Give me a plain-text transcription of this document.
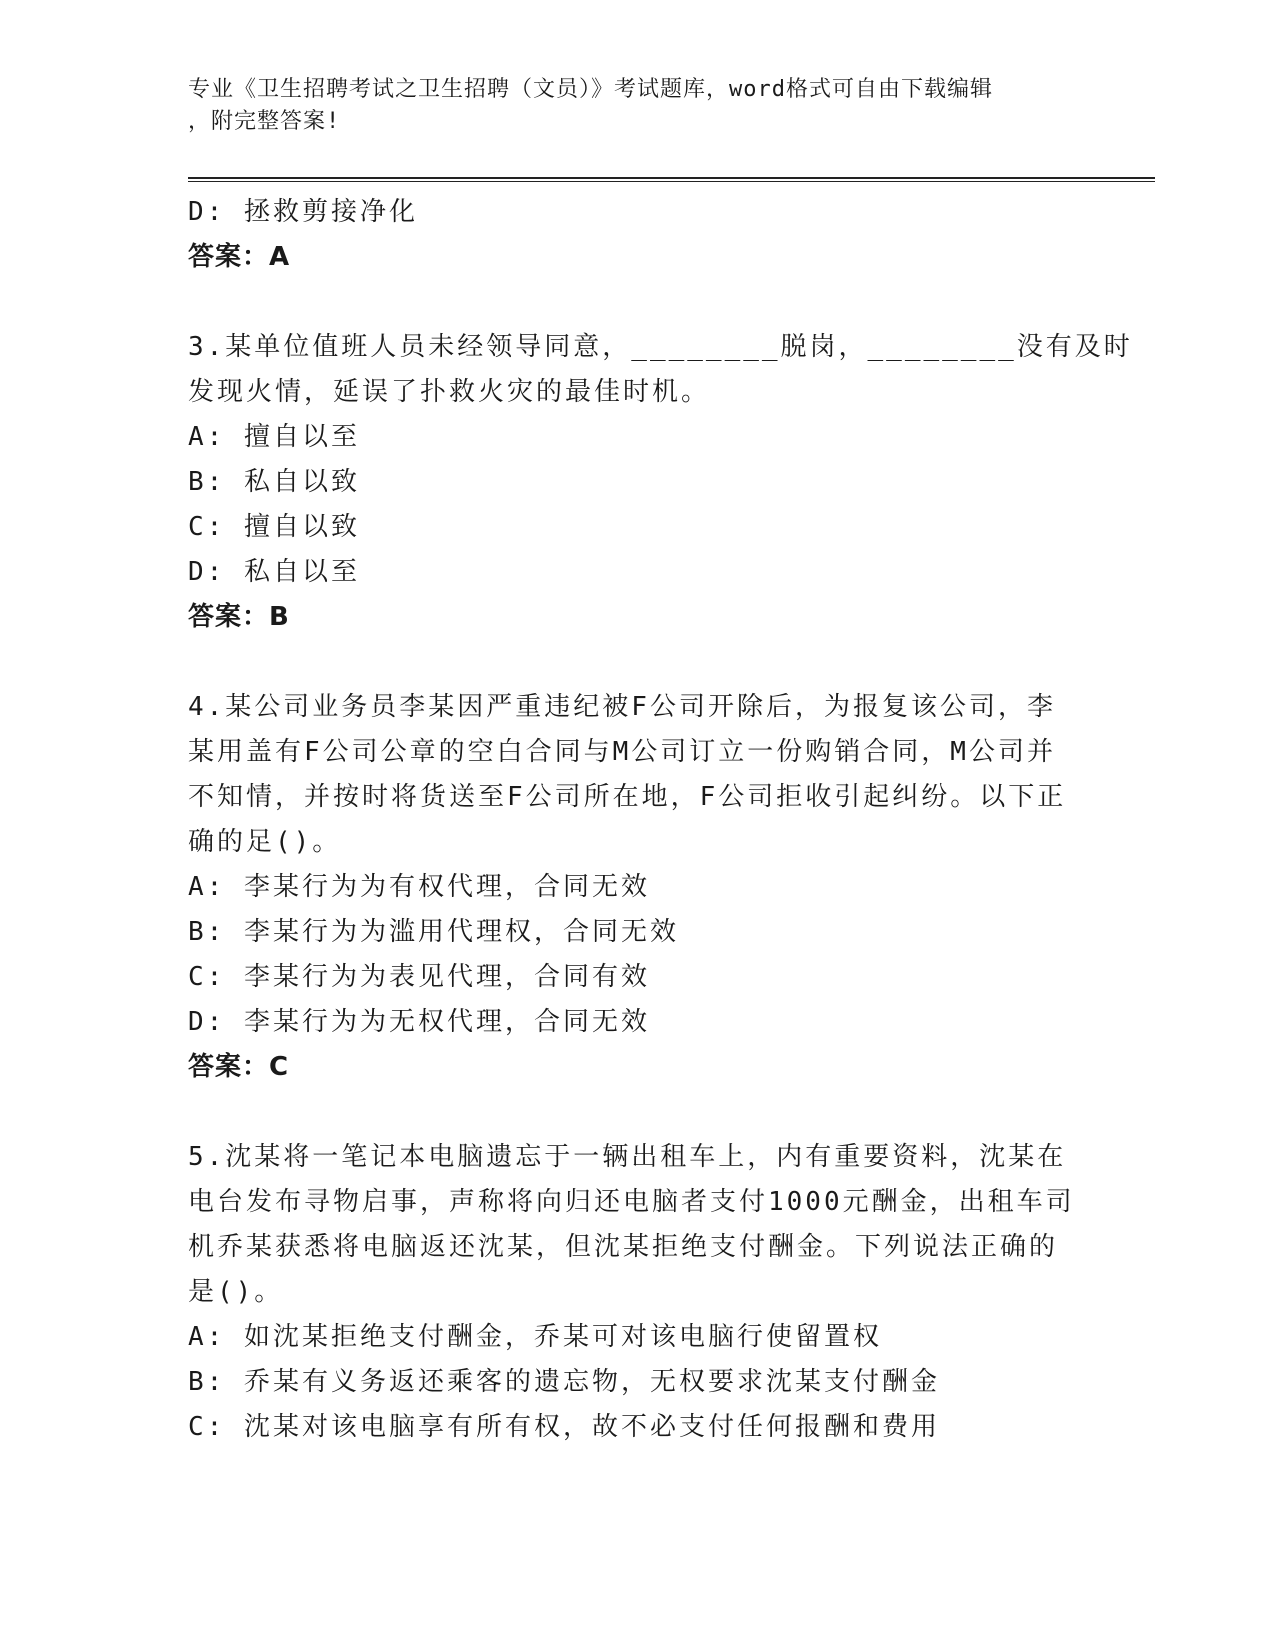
专业《卫生招聘考试之卫生招聘（文员）》考试题库，word格式可自由下载编辑
，附完整答案!
D: 拯救剪接净化
答案：A
3.某单位值班人员未经领导同意，________脱岗，________没有及时
发现火情，延误了扑救火灾的最佳时机。
A: 擅自以至
B: 私自以致
C: 擅自以致
D: 私自以至
答案：B
4.某公司业务员李某因严重违纪被F公司开除后，为报复该公司，李
某用盖有F公司公章的空白合同与M公司订立一份购销合同，M公司并
不知情，并按时将货送至F公司所在地，F公司拒收引起纠纷。以下正
确的足()。
A: 李某行为为有权代理，合同无效
B: 李某行为为滥用代理权，合同无效
C: 李某行为为表见代理，合同有效
D: 李某行为为无权代理，合同无效
答案：C
5.沈某将一笔记本电脑遗忘于一辆出租车上，内有重要资料，沈某在
电台发布寻物启事，声称将向归还电脑者支付1000元酬金，出租车司
机乔某获悉将电脑返还沈某，但沈某拒绝支付酬金。下列说法正确的
是()。
A: 如沈某拒绝支付酬金，乔某可对该电脑行使留置权
B: 乔某有义务返还乘客的遗忘物，无权要求沈某支付酬金
C: 沈某对该电脑享有所有权，故不必支付任何报酬和费用
